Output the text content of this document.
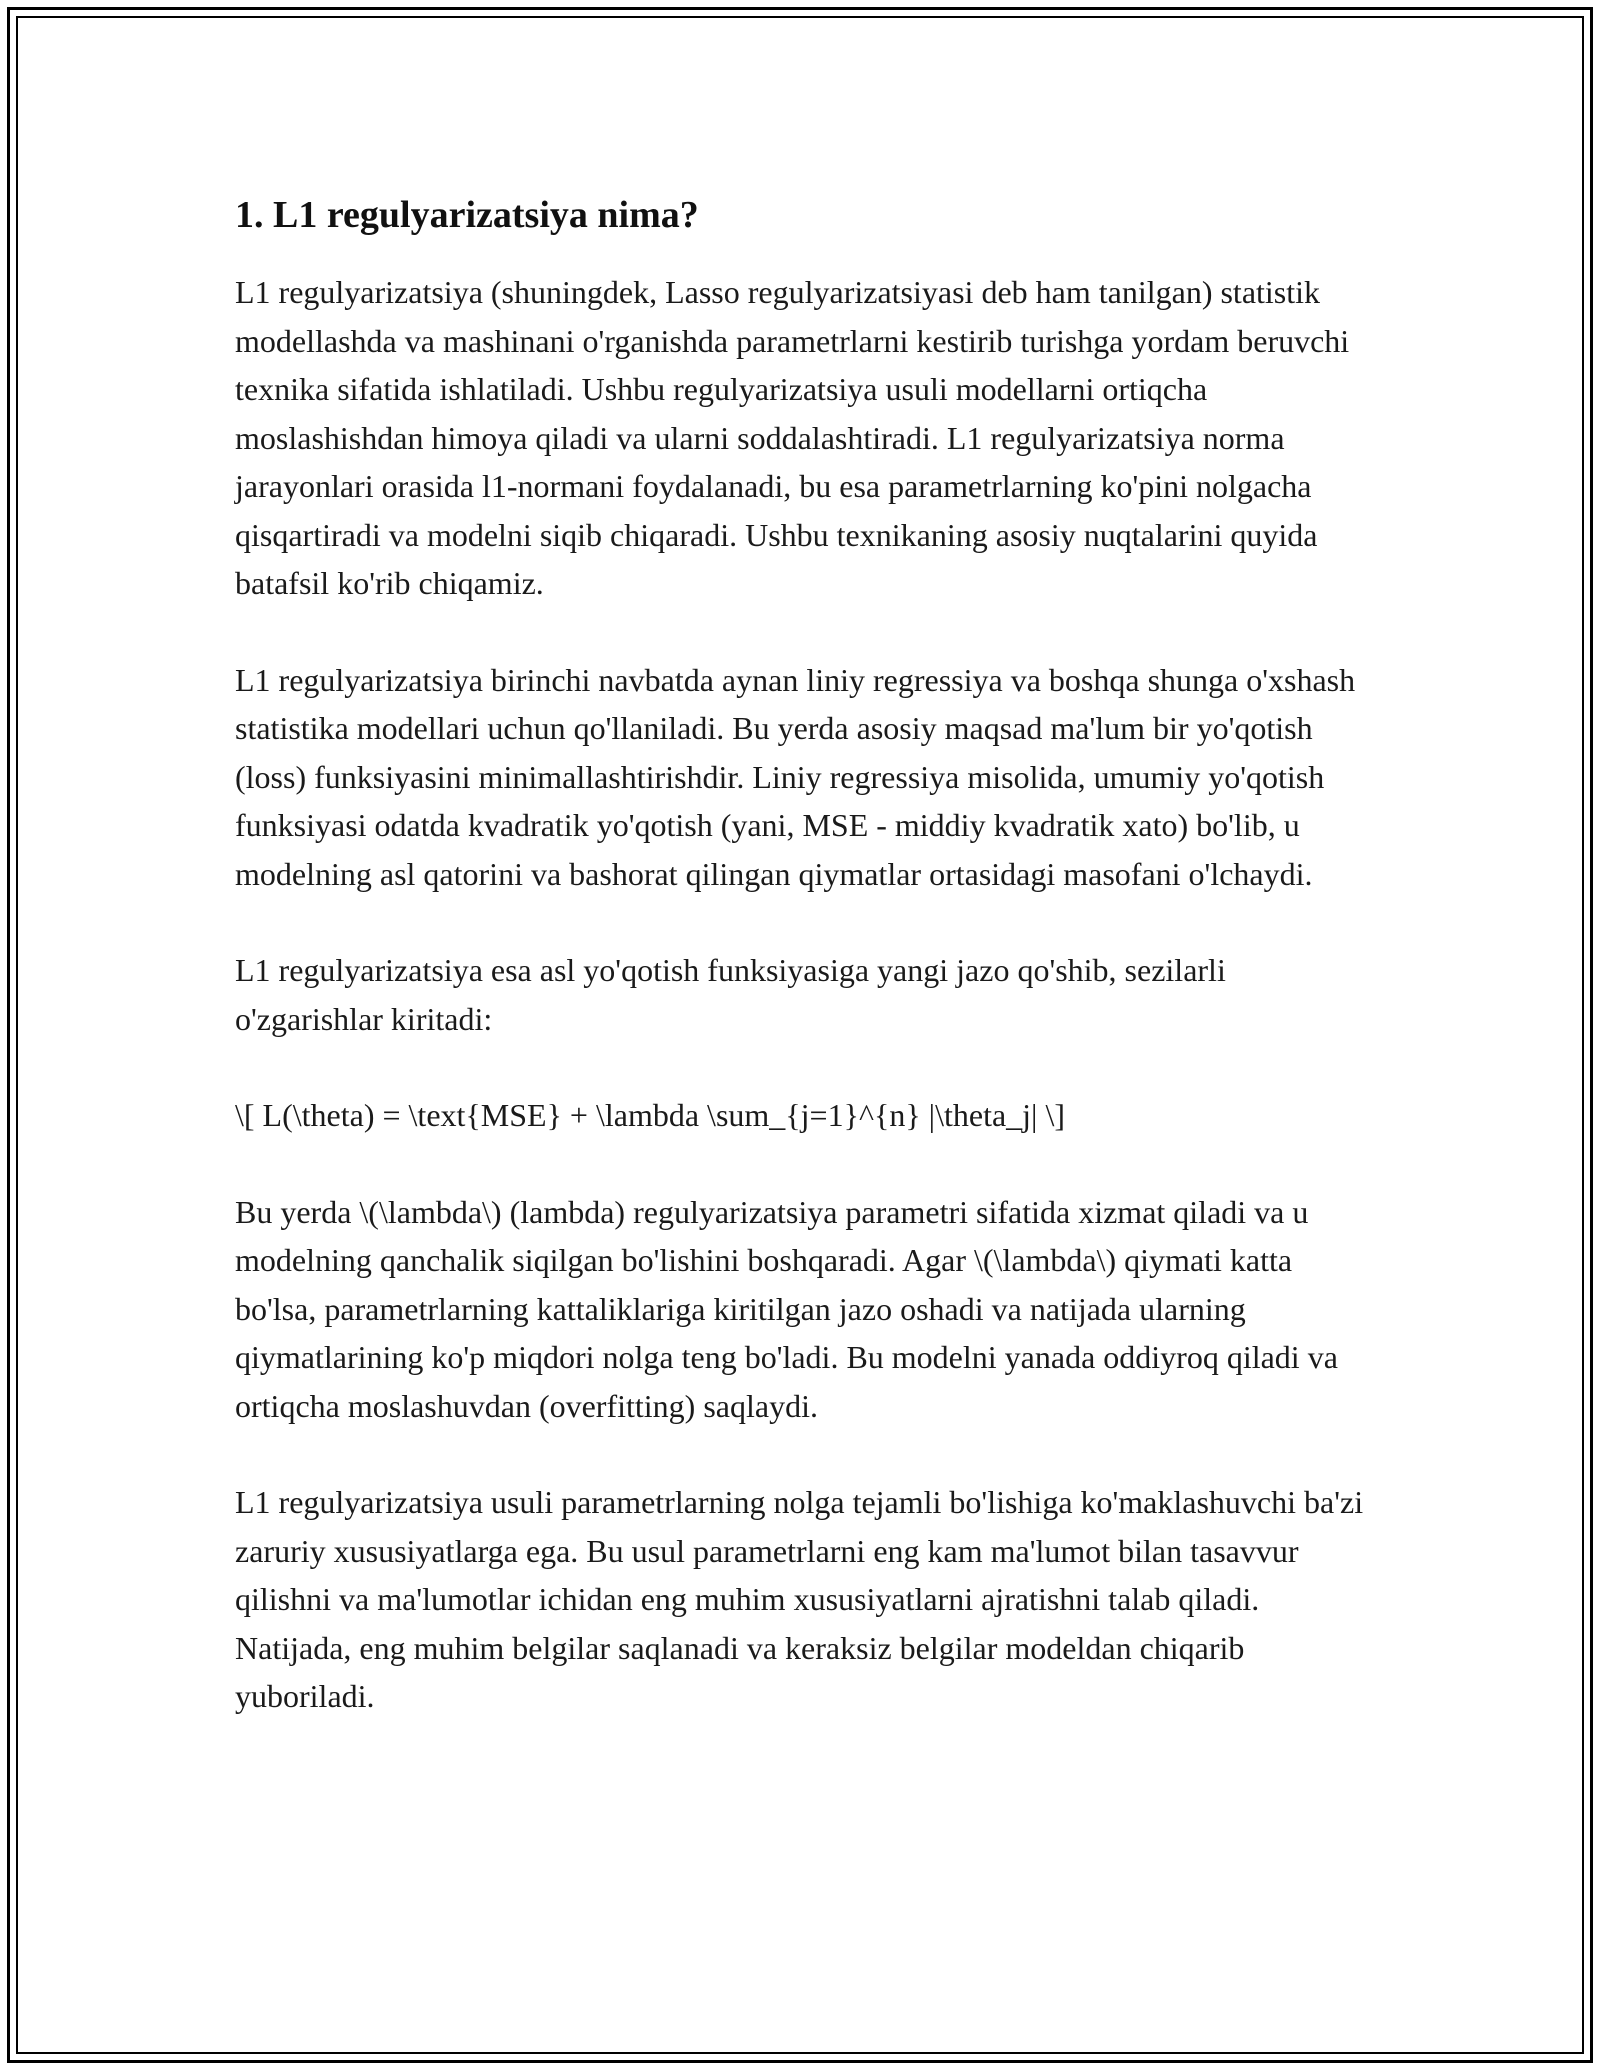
1. L1 regulyarizatsiya nima?

L1 regulyarizatsiya (shuningdek, Lasso regulyarizatsiyasi deb ham tanilgan) statistik modellashda va mashinani o'rganishda parametrlarni kestirib turishga yordam beruvchi texnika sifatida ishlatiladi. Ushbu regulyarizatsiya usuli modellarni ortiqcha moslashishdan himoya qiladi va ularni soddalashtiradi. L1 regulyarizatsiya norma jarayonlari orasida l1-normani foydalanadi, bu esa parametrlarning ko'pini nolgacha qisqartiradi va modelni siqib chiqaradi. Ushbu texnikaning asosiy nuqtalarini quyida batafsil ko'rib chiqamiz.

L1 regulyarizatsiya birinchi navbatda aynan liniy regressiya va boshqa shunga o'xshash statistika modellari uchun qo'llaniladi. Bu yerda asosiy maqsad ma'lum bir yo'qotish (loss) funksiyasini minimallashtirishdir. Liniy regressiya misolida, umumiy yo'qotish funksiyasi odatda kvadratik yo'qotish (yani, MSE - middiy kvadratik xato) bo'lib, u modelning asl qatorini va bashorat qilingan qiymatlar ortasidagi masofani o'lchaydi.

L1 regulyarizatsiya esa asl yo'qotish funksiyasiga yangi jazo qo'shib, sezilarli o'zgarishlar kiritadi:

\[ L(\theta) = \text{MSE} + \lambda \sum_{j=1}^{n} |\theta_j| \]

Bu yerda \(\lambda\) (lambda) regulyarizatsiya parametri sifatida xizmat qiladi va u modelning qanchalik siqilgan bo'lishini boshqaradi. Agar \(\lambda\) qiymati katta bo'lsa, parametrlarning kattaliklariga kiritilgan jazo oshadi va natijada ularning qiymatlarining ko'p miqdori nolga teng bo'ladi. Bu modelni yanada oddiyroq qiladi va ortiqcha moslashuvdan (overfitting) saqlaydi.

L1 regulyarizatsiya usuli parametrlarning nolga tejamli bo'lishiga ko'maklashuvchi ba'zi zaruriy xususiyatlarga ega. Bu usul parametrlarni eng kam ma'lumot bilan tasavvur qilishni va ma'lumotlar ichidan eng muhim xususiyatlarni ajratishni talab qiladi. Natijada, eng muhim belgilar saqlanadi va keraksiz belgilar modeldan chiqarib yuboriladi.
